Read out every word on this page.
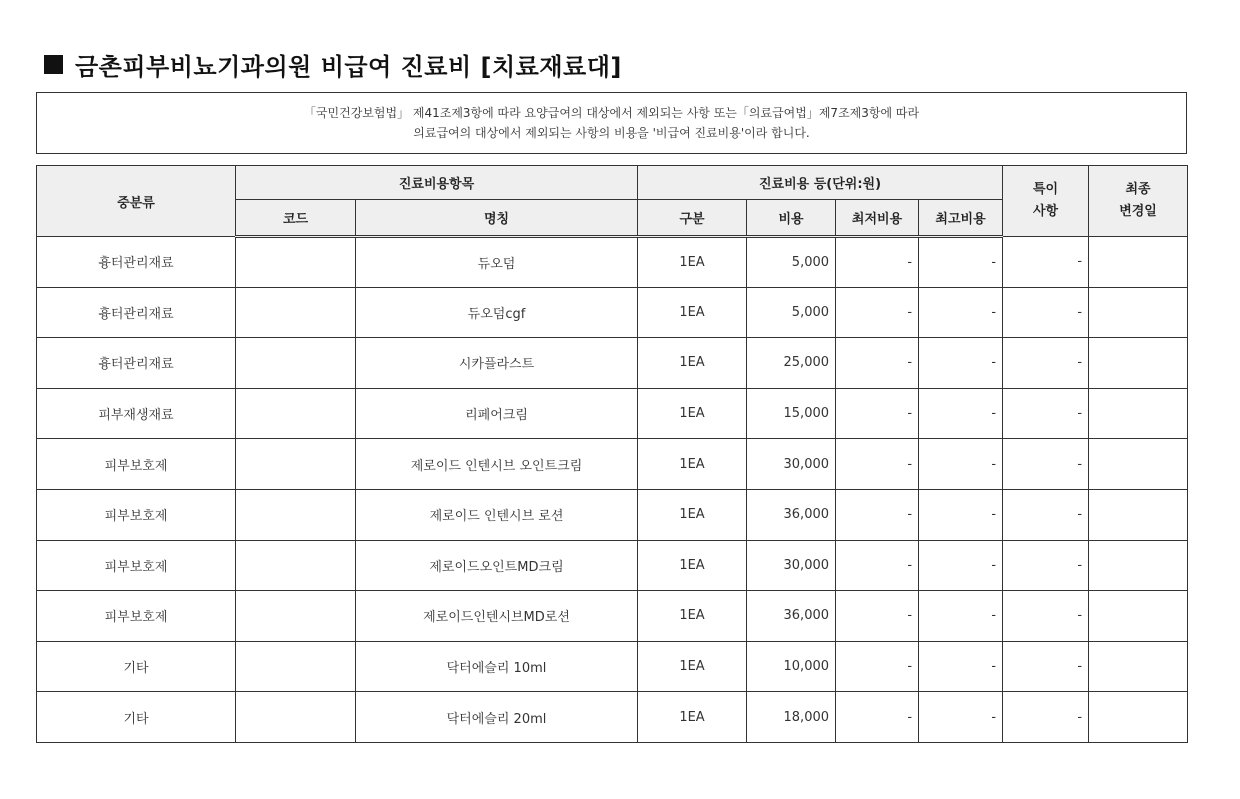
금촌피부비뇨기과의원 비급여 진료비 [치료재료대]
「국민건강보험법」 제41조제3항에 따라 요양급여의 대상에서 제외되는 사항 또는「의료급여법」제7조제3항에 따라
의료급여의 대상에서 제외되는 사항의 비용을 '비급여 진료비용'이라 합니다.
중분류	진료비용항목		진료비용 등(단위:원)				특이
사항	최종
변경일
	코드	명칭	구분	비용	최저비용	최고비용		
흉터관리재료		듀오덤	1EA	5,000	-	-	-	
흉터관리재료		듀오덤cgf	1EA	5,000	-	-	-	
흉터관리재료		시카플라스트	1EA	25,000	-	-	-	
피부재생재료		리페어크림	1EA	15,000	-	-	-	
피부보호제		제로이드 인텐시브 오인트크림	1EA	30,000	-	-	-	
피부보호제		제로이드 인텐시브 로션	1EA	36,000	-	-	-	
피부보호제		제로이드오인트MD크림	1EA	30,000	-	-	-	
피부보호제		제로이드인텐시브MD로션	1EA	36,000	-	-	-	
기타		닥터에슬리 10ml	1EA	10,000	-	-	-	
기타		닥터에슬리 20ml	1EA	18,000	-	-	-	
